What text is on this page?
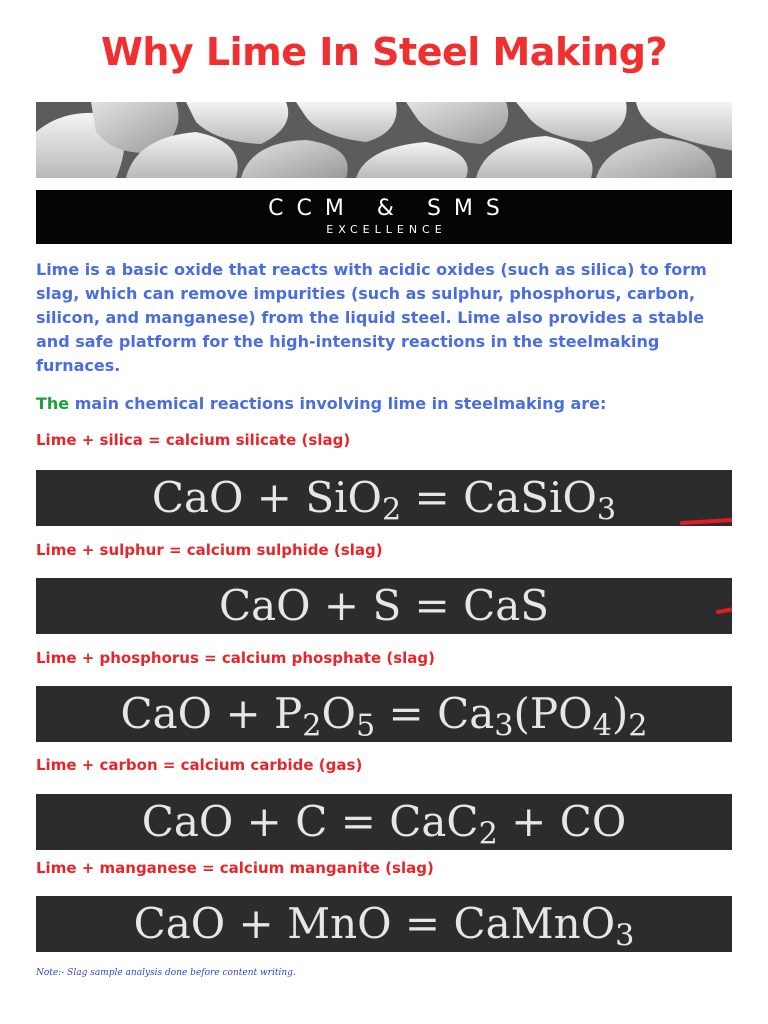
Why Lime In Steel Making?
CCM & SMS
EXCELLENCE

Lime is a basic oxide that reacts with acidic oxides (such as silica) to form slag, which can remove impurities (such as sulphur, phosphorus, carbon, silicon, and manganese) from the liquid steel. Lime also provides a stable and safe platform for the high-intensity reactions in the steelmaking furnaces.

The main chemical reactions involving lime in steelmaking are:

Lime + silica = calcium silicate (slag)

CaO + SiO$_2$ = CaSiO$_3$

Lime + sulphur = calcium sulphide (slag)

CaO + S = CaS

Lime + phosphorus = calcium phosphate (slag)

CaO + $P_2O_5 = Ca_3(PO_4)_2$

Lime + carbon = calcium carbide (gas)

CaO + C = CaC$_2$ + CO

Lime + manganese = calcium manganite (slag)

CaO + MnO = CaMnO$_3$

Note:- Slag sample analysis done before content writing.
